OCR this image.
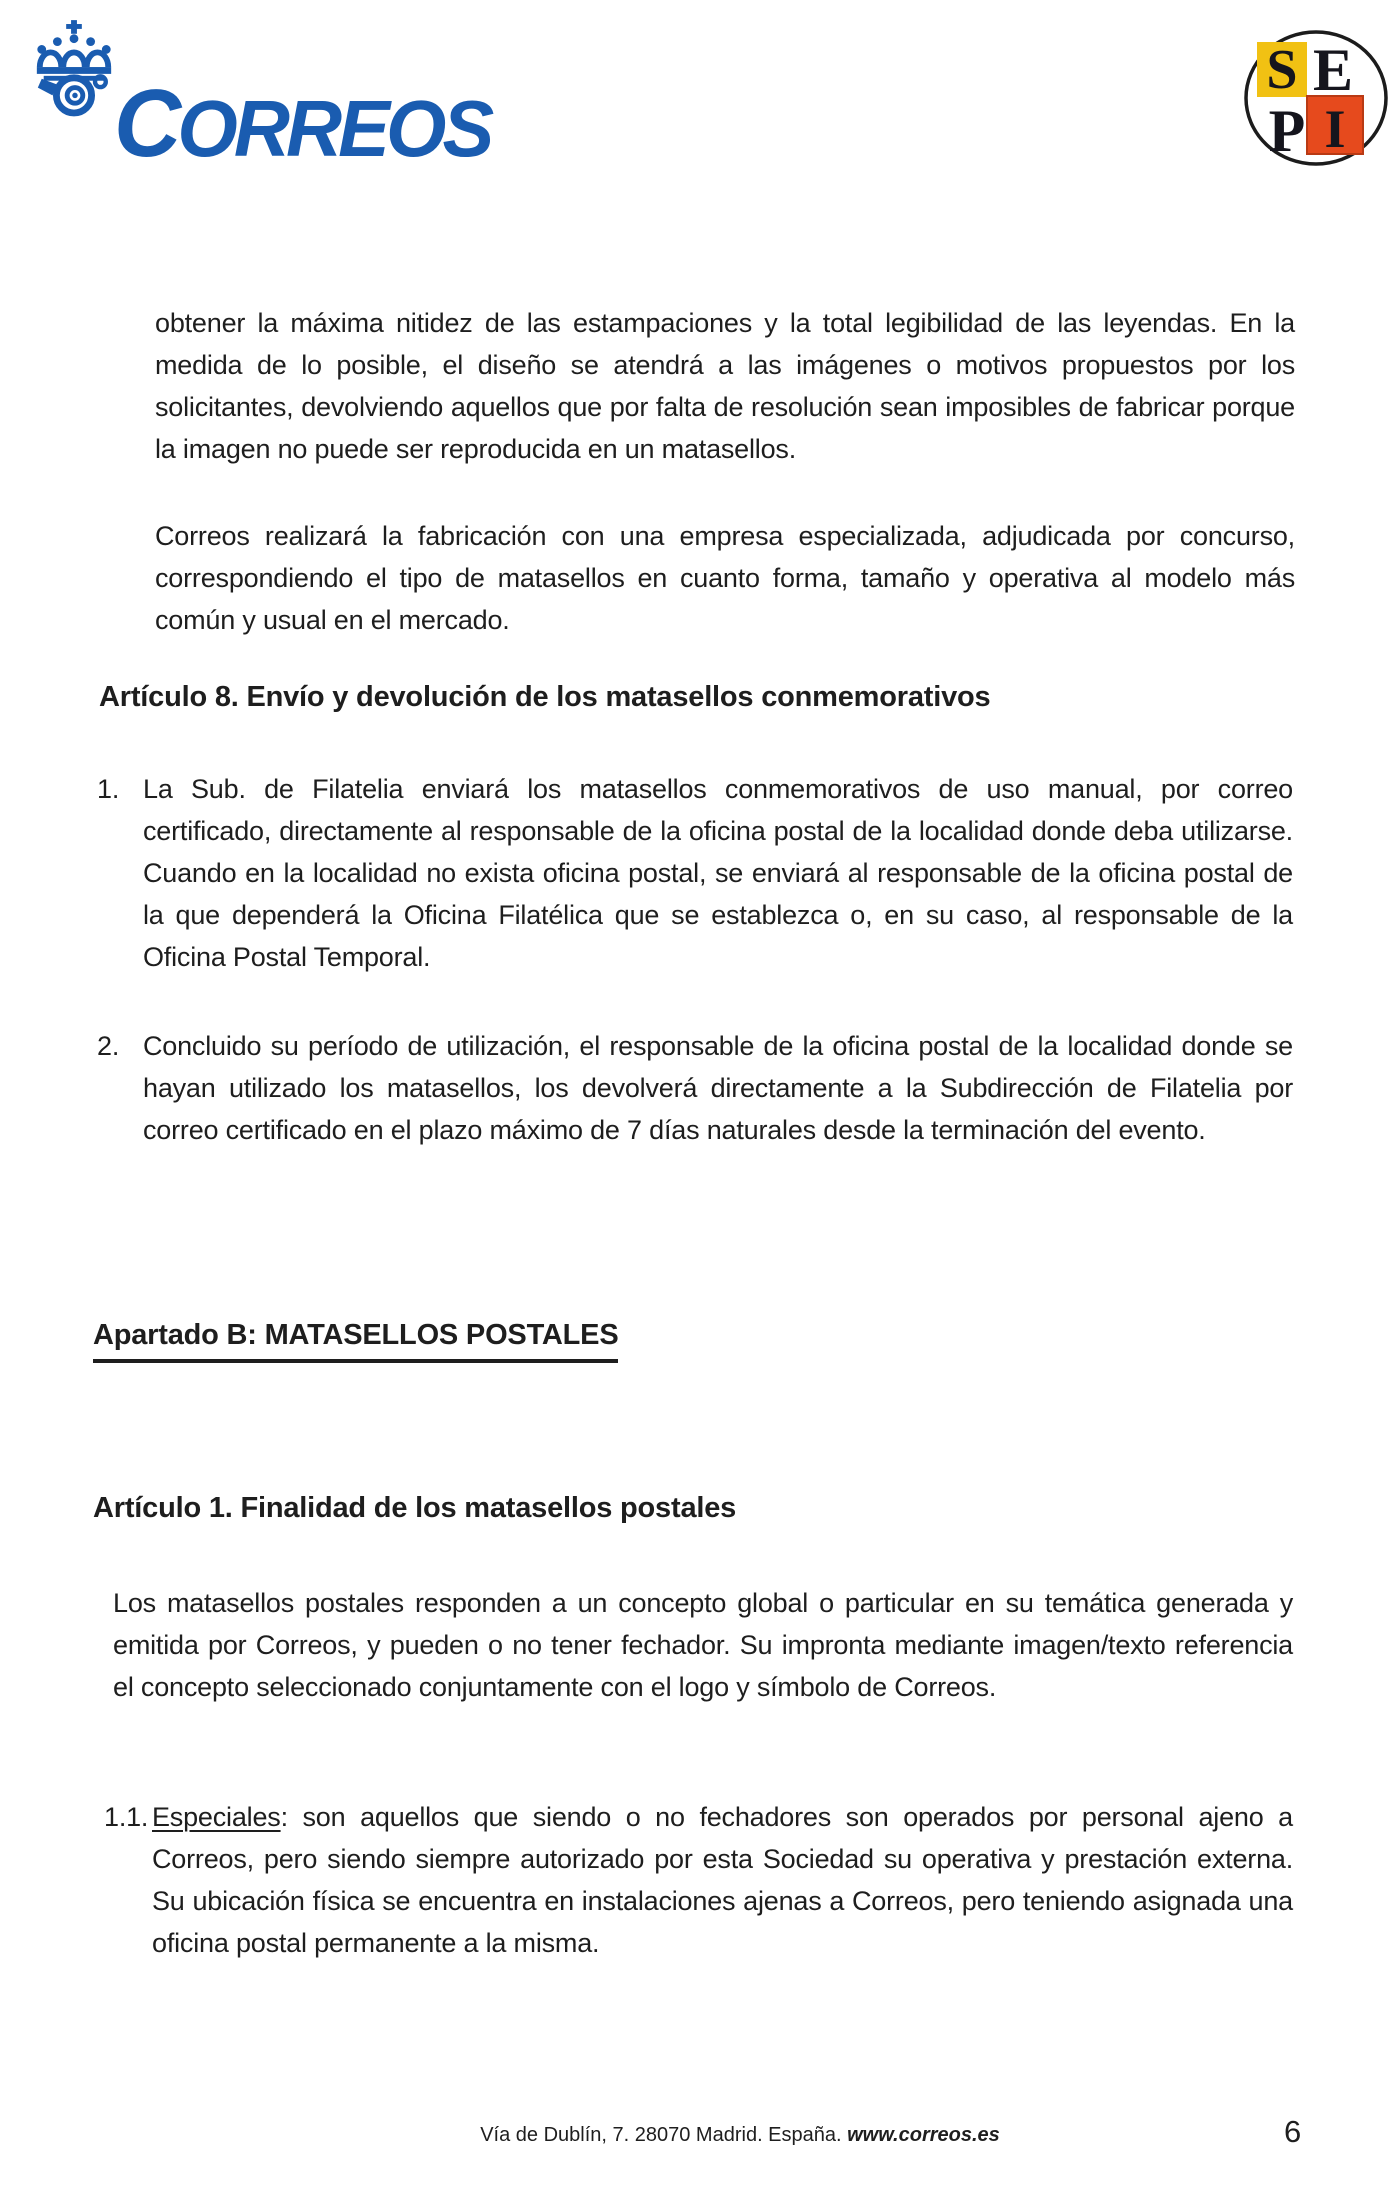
CORREOS
S E
P I
obtener la máxima nitidez de las estampaciones y la total legibilidad de las leyendas. En la medida de lo posible, el diseño se atendrá a las imágenes o motivos propuestos por los solicitantes, devolviendo aquellos que por falta de resolución sean imposibles de fabricar porque la imagen no puede ser reproducida en un matasellos.
Correos realizará la fabricación con una empresa especializada, adjudicada por concurso, correspondiendo el tipo de matasellos en cuanto forma, tamaño y operativa al modelo más común y usual en el mercado.
Artículo 8. Envío y devolución de los matasellos conmemorativos
1. La Sub. de Filatelia enviará los matasellos conmemorativos de uso manual, por correo certificado, directamente al responsable de la oficina postal de la localidad donde deba utilizarse. Cuando en la localidad no exista oficina postal, se enviará al responsable de la oficina postal de la que dependerá la Oficina Filatélica que se establezca o, en su caso, al responsable de la Oficina Postal Temporal.
2. Concluido su período de utilización, el responsable de la oficina postal de la localidad donde se hayan utilizado los matasellos, los devolverá directamente a la Subdirección de Filatelia por correo certificado en el plazo máximo de 7 días naturales desde la terminación del evento.
Apartado B: MATASELLOS POSTALES
Artículo 1. Finalidad de los matasellos postales
Los matasellos postales responden a un concepto global o particular en su temática generada y emitida por Correos, y pueden o no tener fechador. Su impronta mediante imagen/texto referencia el concepto seleccionado conjuntamente con el logo y símbolo de Correos.
1.1. Especiales: son aquellos que siendo o no fechadores son operados por personal ajeno a Correos, pero siendo siempre autorizado por esta Sociedad su operativa y prestación externa. Su ubicación física se encuentra en instalaciones ajenas a Correos, pero teniendo asignada una oficina postal permanente a la misma.
Vía de Dublín, 7. 28070 Madrid. España. www.correos.es	6
